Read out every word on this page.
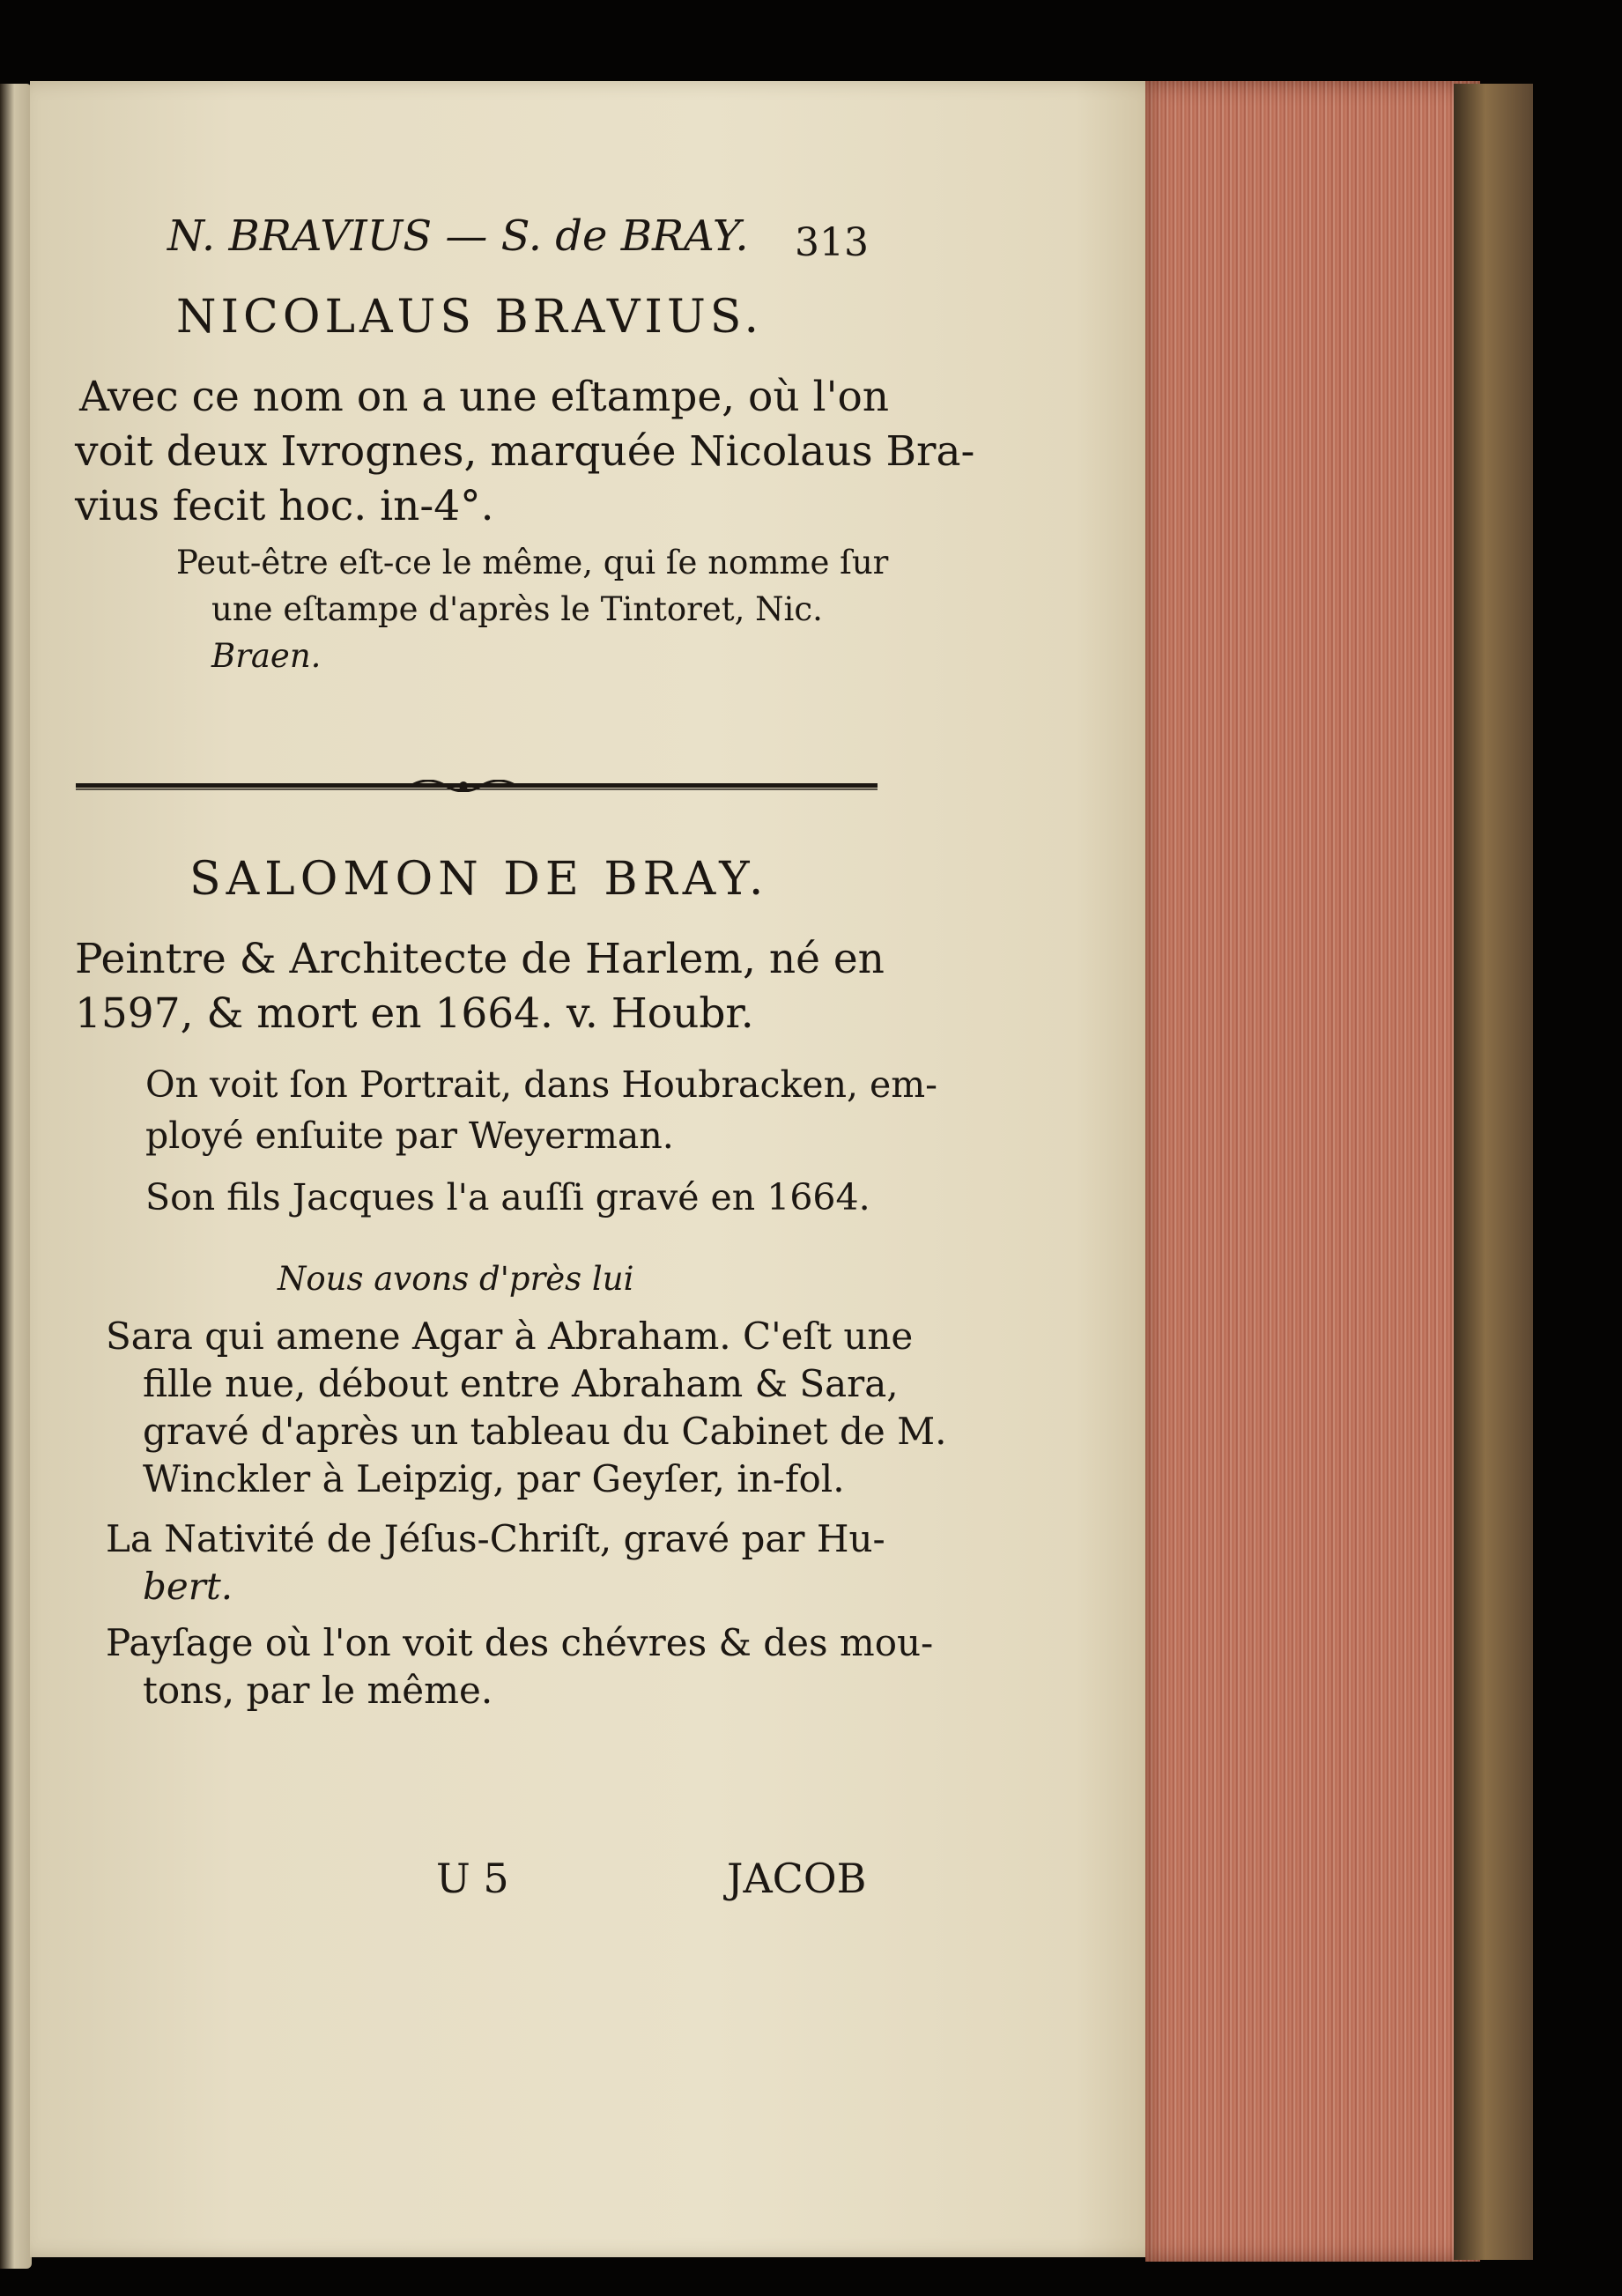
N. BRAVIUS — S. de BRAY. 313
NICOLAUS BRAVIUS.
Avec ce nom on a une eſtampe, où l'on
voit deux Ivrognes, marquée Nicolaus Bra-
vius fecit hoc. in-4°.
Peut-être eſt-ce le même, qui ſe nomme ſur
une eſtampe d'après le Tintoret, Nic.
Braen.
SALOMON DE BRAY.
Peintre & Architecte de Harlem, né en
1597, & mort en 1664. v. Houbr.
On voit ſon Portrait, dans Houbracken, em-
ployé enſuite par Weyerman.
Son fils Jacques l'a auſſi gravé en 1664.
Nous avons d'près lui
Sara qui amene Agar à Abraham. C'eſt une
fille nue, débout entre Abraham & Sara,
gravé d'après un tableau du Cabinet de M.
Winckler à Leipzig, par Geyſer, in-fol.
La Nativité de Jéſus-Chriſt, gravé par Hu-
bert.
Payſage où l'on voit des chévres & des mou-
tons, par le même.
U 5	JACOB
